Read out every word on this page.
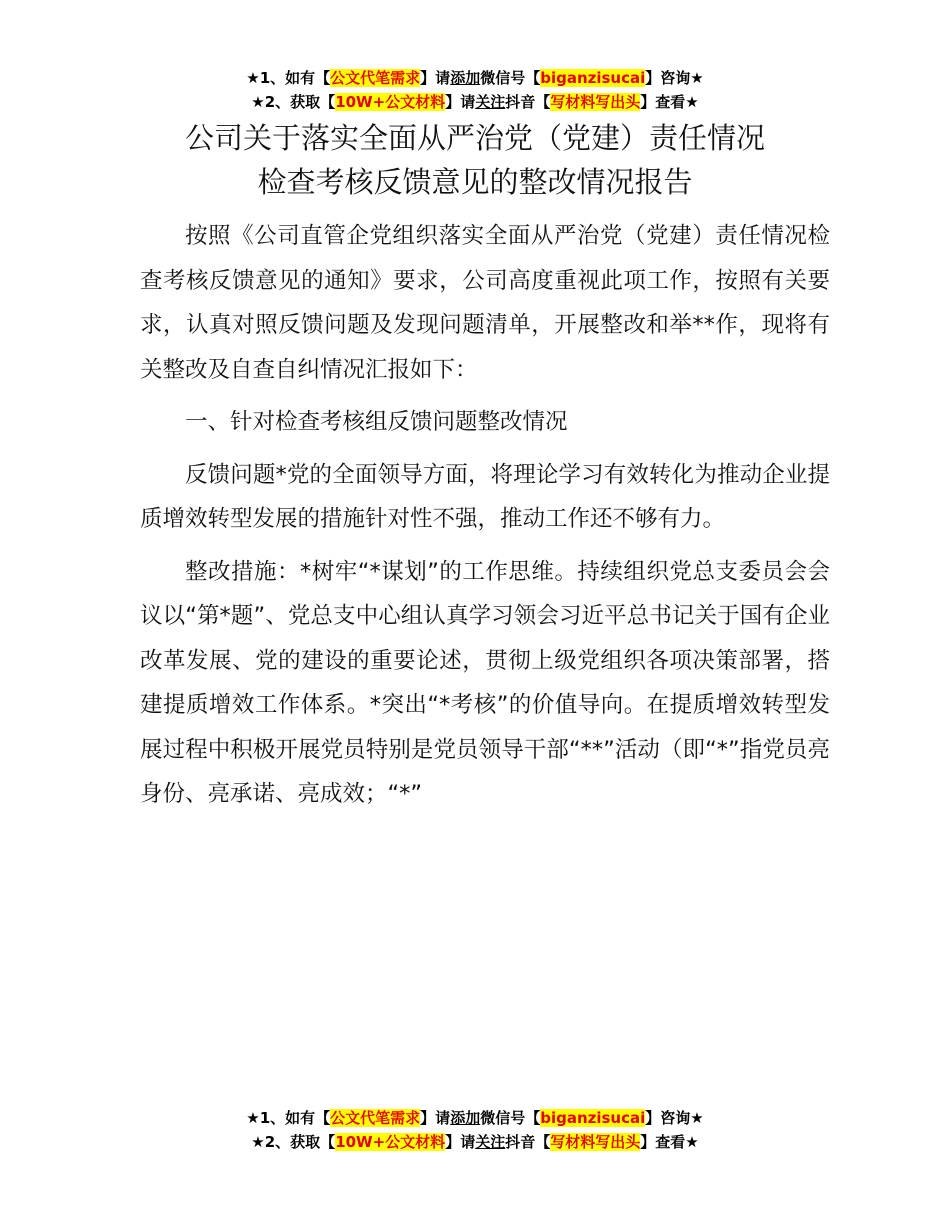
★1、如有【公文代笔需求】请添加微信号【biganzisucai】咨询★
★2、获取【10W+公文材料】请关注抖音【写材料写出头】查看★
公司关于落实全面从严治党（党建）责任情况
检查考核反馈意见的整改情况报告

按照《公司直管企党组织落实全面从严治党（党建）责任情况检查考核反馈意见的通知》要求，公司高度重视此项工作，按照有关要求，认真对照反馈问题及发现问题清单，开展整改和举**作，现将有关整改及自查自纠情况汇报如下：

一、针对检查考核组反馈问题整改情况

反馈问题*党的全面领导方面，将理论学习有效转化为推动企业提质增效转型发展的措施针对性不强，推动工作还不够有力。

整改措施：*树牢“*谋划”的工作思维。持续组织党总支委员会会议以“第*题”、党总支中心组认真学习领会习近平总书记关于国有企业改革发展、党的建设的重要论述，贯彻上级党组织各项决策部署，搭建提质增效工作体系。*突出“*考核”的价值导向。在提质增效转型发展过程中积极开展党员特别是党员领导干部“**”活动（即“*”指党员亮身份、亮承诺、亮成效；“*”

★1、如有【公文代笔需求】请添加微信号【biganzisucai】咨询★
★2、获取【10W+公文材料】请关注抖音【写材料写出头】查看★
